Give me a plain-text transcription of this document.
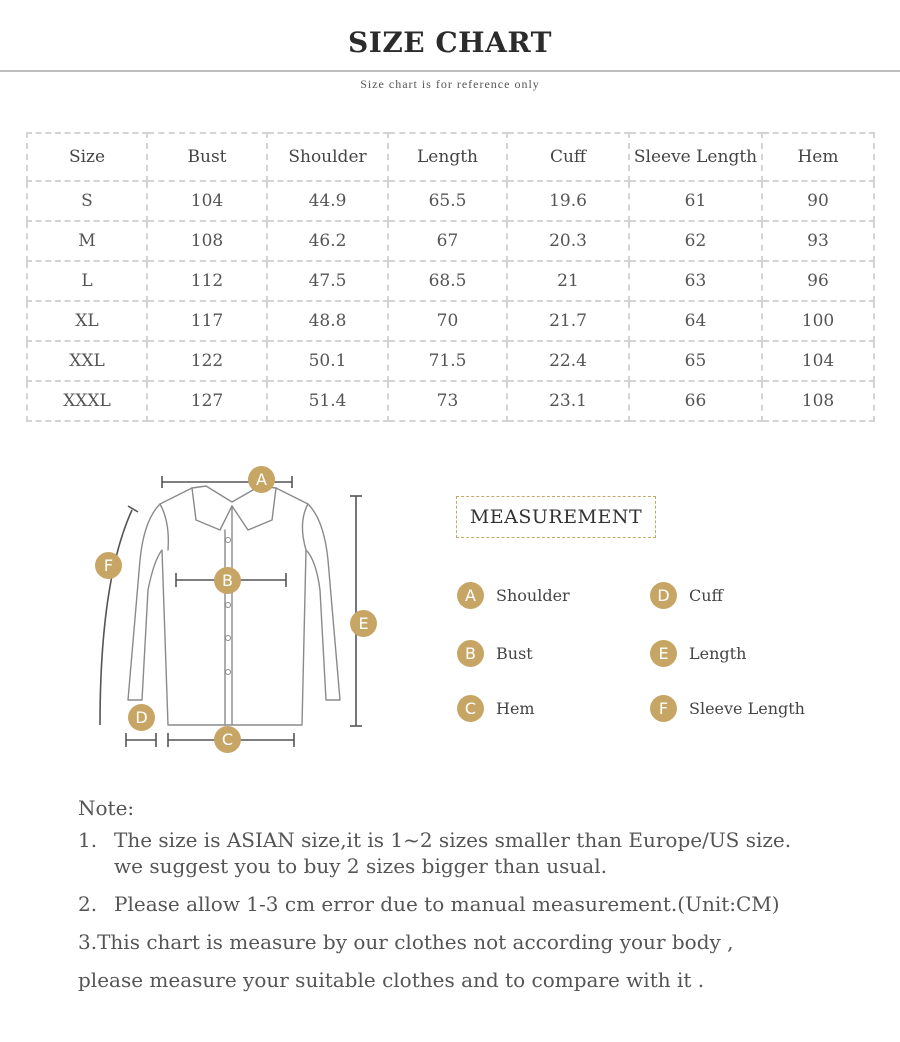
SIZE CHART
Size chart is for reference only
Size	Bust	Shoulder	Length	Cuff	Sleeve Length	Hem
S	104	44.9	65.5	19.6	61	90
M	108	46.2	67	20.3	62	93
L	112	47.5	68.5	21	63	96
XL	117	48.8	70	21.7	64	100
XXL	122	50.1	71.5	22.4	65	104
XXXL	127	51.4	73	23.1	66	108
A
B
C
D
E
F
MEASUREMENT
A	Shoulder
B	Bust
C	Hem
D	Cuff
E	Length
F	Sleeve Length
Note:
1. The size is ASIAN size,it is 1~2 sizes smaller than Europe/US size.
we suggest you to buy 2 sizes bigger than usual.
2. Please allow 1-3 cm error due to manual measurement.(Unit:CM)
3.This chart is measure by our clothes not according your body ,
please measure your suitable clothes and to compare with it .
